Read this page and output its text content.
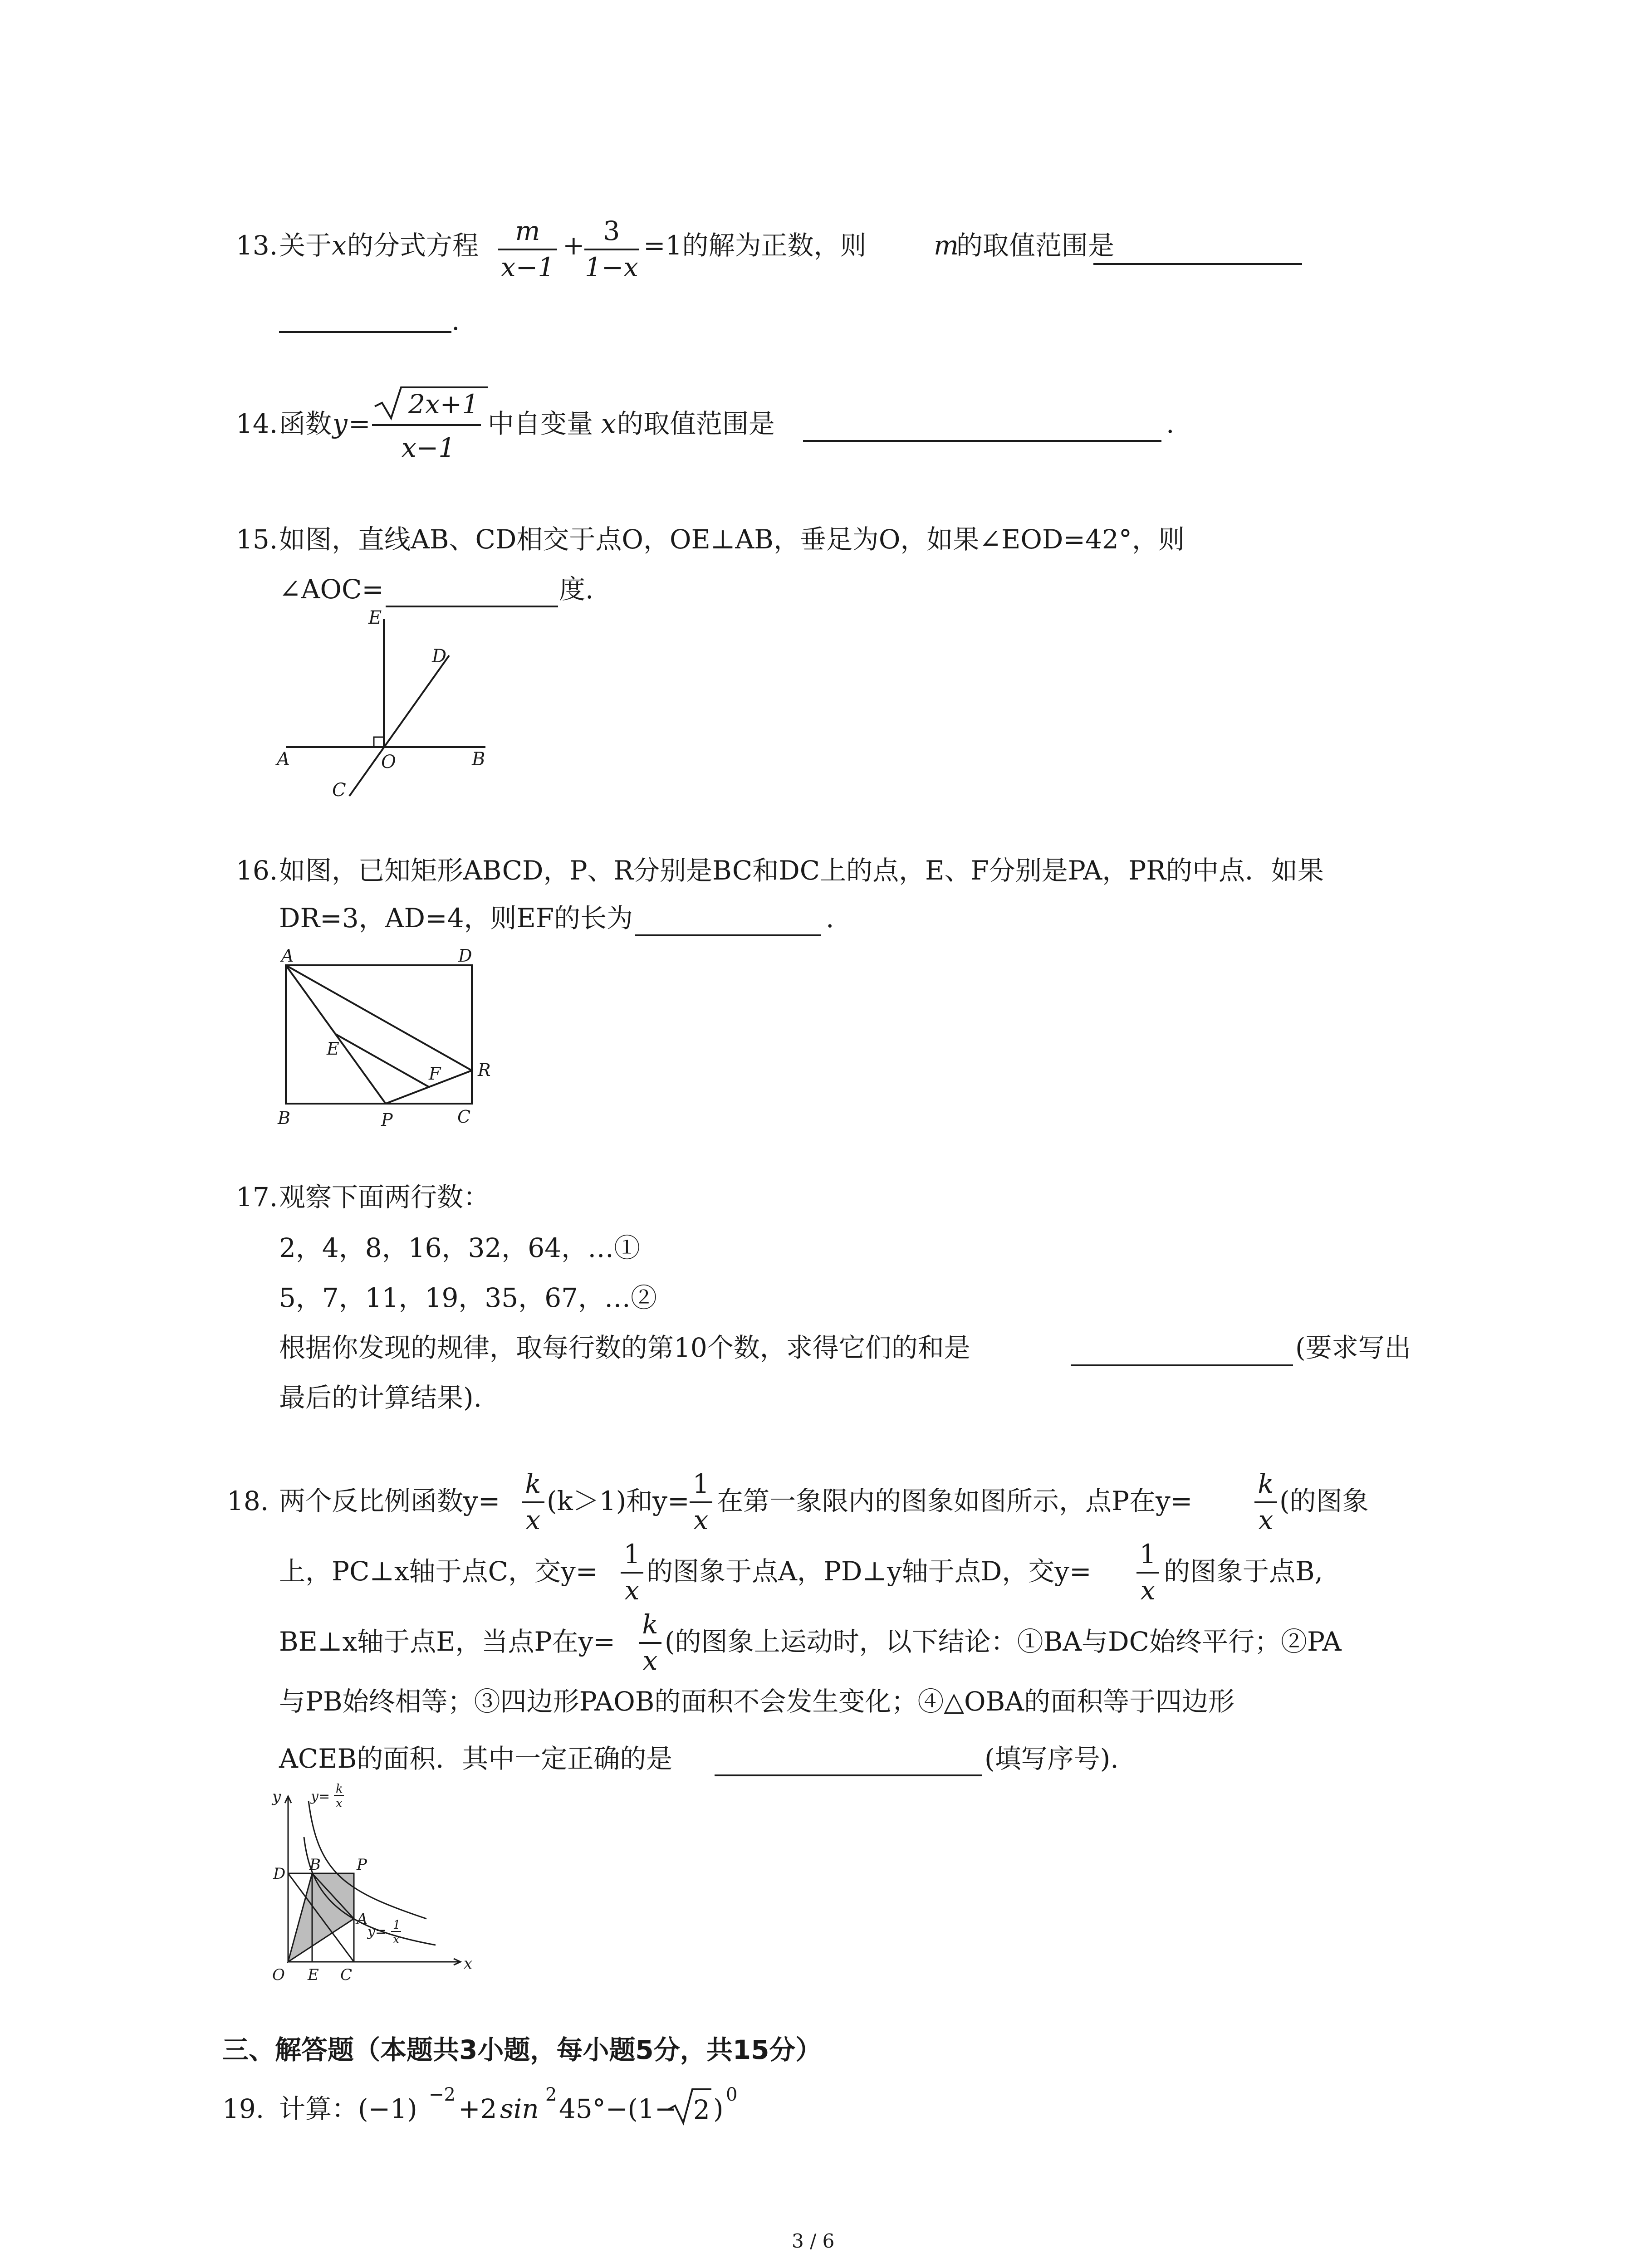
13. 关于 x 的分式方程	m
x−1
+ 3
1−x
=1的解为正数，则	m
的取值范围是
.
14. 函数 y =
2x+1
x−1
中自变量 x 的取值范围是	.
15. 如图，直线AB、CD相交于点O，OE⊥AB，垂足为O，如果∠EOD=42°，则
∠AOC=	度.
E
D
A	O	B
C
16. 如图，已知矩形ABCD，P、R分别是BC和DC上的点，E、F分别是PA，PR的中点．如果
DR=3，AD=4，则EF的长为	.
A	D
E
F R
B	P	C
17. 观察下面两行数：
2，4，8，16，32，64，…①
5，7，11，19，35，67，…②
根据你发现的规律，取每行数的第10个数，求得它们的和是	(要求写出
最后的计算结果).
18. 两个反比例函数y=
k
x
(k＞1)和y=
1
x
在第一象限内的图象如图所示，点P在y=
k
x
(的图象
上，PC⊥x轴于点C，交y=
1
x
的图象于点A，PD⊥y轴于点D，交y=
1
x
的图象于点B,
BE⊥x轴于点E，当点P在y=
k
x
(的图象上运动时，以下结论：①BA与DC始终平行；②PA
与PB始终相等；③四边形PAOB的面积不会发生变化；④△OBA的面积等于四边形
ACEB的面积．其中一定正确的是	(填写序号).
y
x
y= k
x
y= 1
x
D B P
A
O E C
三、解答题（本题共3小题，每小题5分，共15分）
19. 计算：(−1) −2 +2 sin 2 45°−(1− 2 ) 0
3 / 6
